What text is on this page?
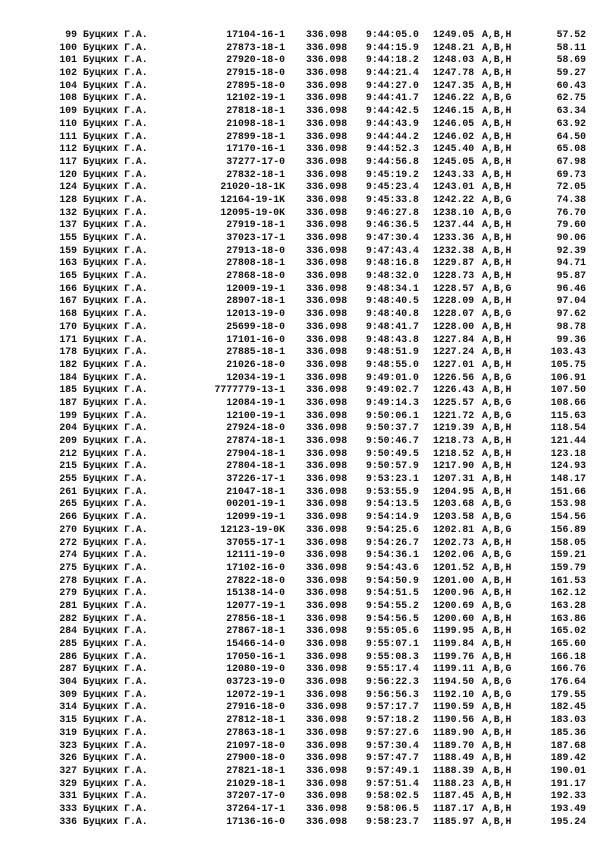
99 Буцких Г.А.	17104-16-1 336.098 9:44:05.0 1249.05 A,B,H	57.52
100 Буцких Г.А.	27873-18-1 336.098 9:44:15.9 1248.21 A,B,H	58.11
101 Буцких Г.А.	27920-18-0 336.098 9:44:18.2 1248.03 A,B,H	58.69
102 Буцких Г.А.	27915-18-0 336.098 9:44:21.4 1247.78 A,B,H	59.27
104 Буцких Г.А.	27895-18-0 336.098 9:44:27.0 1247.35 A,B,H	60.43
108 Буцких Г.А.	12102-19-1 336.098 9:44:41.7 1246.22 A,B,G	62.75
109 Буцких Г.А.	27818-18-1 336.098 9:44:42.5 1246.15 A,B,H	63.34
110 Буцких Г.А.	21098-18-1 336.098 9:44:43.9 1246.05 A,B,H	63.92
111 Буцких Г.А.	27899-18-1 336.098 9:44:44.2 1246.02 A,B,H	64.50
112 Буцких Г.А.	17170-16-1 336.098 9:44:52.3 1245.40 A,B,H	65.08
117 Буцких Г.А.	37277-17-0 336.098 9:44:56.8 1245.05 A,B,H	67.98
120 Буцких Г.А.	27832-18-1 336.098 9:45:19.2 1243.33 A,B,H	69.73
124 Буцких Г.А.	21020-18-1K 336.098 9:45:23.4 1243.01 A,B,H	72.05
128 Буцких Г.А.	12164-19-1K 336.098 9:45:33.8 1242.22 A,B,G	74.38
132 Буцких Г.А.	12095-19-0K 336.098 9:46:27.8 1238.10 A,B,G	76.70
137 Буцких Г.А.	27919-18-1 336.098 9:46:36.5 1237.44 A,B,H	79.60
155 Буцких Г.А.	37023-17-1 336.098 9:47:30.4 1233.36 A,B,H	90.06
159 Буцких Г.А.	27913-18-0 336.098 9:47:43.4 1232.38 A,B,H	92.39
163 Буцких Г.А.	27808-18-1 336.098 9:48:16.8 1229.87 A,B,H	94.71
165 Буцких Г.А.	27868-18-0 336.098 9:48:32.0 1228.73 A,B,H	95.87
166 Буцких Г.А.	12009-19-1 336.098 9:48:34.1 1228.57 A,B,G	96.46
167 Буцких Г.А.	28907-18-1 336.098 9:48:40.5 1228.09 A,B,H	97.04
168 Буцких Г.А.	12013-19-0 336.098 9:48:40.8 1228.07 A,B,G	97.62
170 Буцких Г.А.	25699-18-0 336.098 9:48:41.7 1228.00 A,B,H	98.78
171 Буцких Г.А.	17101-16-0 336.098 9:48:43.8 1227.84 A,B,H	99.36
178 Буцких Г.А.	27885-18-1 336.098 9:48:51.9 1227.24 A,B,H	103.43
182 Буцких Г.А.	21026-18-0 336.098 9:48:55.0 1227.01 A,B,H	105.75
184 Буцких Г.А.	12034-19-1 336.098 9:49:01.0 1226.56 A,B,G	106.91
185 Буцких Г.А.	7777779-13-1 336.098 9:49:02.7 1226.43 A,B,H	107.50
187 Буцких Г.А.	12084-19-1 336.098 9:49:14.3 1225.57 A,B,G	108.66
199 Буцких Г.А.	12100-19-1 336.098 9:50:06.1 1221.72 A,B,G	115.63
204 Буцких Г.А.	27924-18-0 336.098 9:50:37.7 1219.39 A,B,H	118.54
209 Буцких Г.А.	27874-18-1 336.098 9:50:46.7 1218.73 A,B,H	121.44
212 Буцких Г.А.	27904-18-1 336.098 9:50:49.5 1218.52 A,B,H	123.18
215 Буцких Г.А.	27804-18-1 336.098 9:50:57.9 1217.90 A,B,H	124.93
255 Буцких Г.А.	37226-17-1 336.098 9:53:23.1 1207.31 A,B,H	148.17
261 Буцких Г.А.	21047-18-1 336.098 9:53:55.9 1204.95 A,B,H	151.66
265 Буцких Г.А.	00201-19-1 336.098 9:54:13.5 1203.68 A,B,G	153.98
266 Буцких Г.А.	12099-19-1 336.098 9:54:14.9 1203.58 A,B,G	154.56
270 Буцких Г.А.	12123-19-0K 336.098 9:54:25.6 1202.81 A,B,G	156.89
272 Буцких Г.А.	37055-17-1 336.098 9:54:26.7 1202.73 A,B,H	158.05
274 Буцких Г.А.	12111-19-0 336.098 9:54:36.1 1202.06 A,B,G	159.21
275 Буцких Г.А.	17102-16-0 336.098 9:54:43.6 1201.52 A,B,H	159.79
278 Буцких Г.А.	27822-18-0 336.098 9:54:50.9 1201.00 A,B,H	161.53
279 Буцких Г.А.	15138-14-0 336.098 9:54:51.5 1200.96 A,B,H	162.12
281 Буцких Г.А.	12077-19-1 336.098 9:54:55.2 1200.69 A,B,G	163.28
282 Буцких Г.А.	27856-18-1 336.098 9:54:56.5 1200.60 A,B,H	163.86
284 Буцких Г.А.	27867-18-1 336.098 9:55:05.6 1199.95 A,B,H	165.02
285 Буцких Г.А.	15466-14-0 336.098 9:55:07.1 1199.84 A,B,H	165.60
286 Буцких Г.А.	17050-16-1 336.098 9:55:08.3 1199.76 A,B,H	166.18
287 Буцких Г.А.	12080-19-0 336.098 9:55:17.4 1199.11 A,B,G	166.76
304 Буцких Г.А.	03723-19-0 336.098 9:56:22.3 1194.50 A,B,G	176.64
309 Буцких Г.А.	12072-19-1 336.098 9:56:56.3 1192.10 A,B,G	179.55
314 Буцких Г.А.	27916-18-0 336.098 9:57:17.7 1190.59 A,B,H	182.45
315 Буцких Г.А.	27812-18-1 336.098 9:57:18.2 1190.56 A,B,H	183.03
319 Буцких Г.А.	27863-18-1 336.098 9:57:27.6 1189.90 A,B,H	185.36
323 Буцких Г.А.	21097-18-0 336.098 9:57:30.4 1189.70 A,B,H	187.68
326 Буцких Г.А.	27900-18-0 336.098 9:57:47.7 1188.49 A,B,H	189.42
327 Буцких Г.А.	27821-18-1 336.098 9:57:49.1 1188.39 A,B,H	190.01
329 Буцких Г.А.	21029-18-1 336.098 9:57:51.4 1188.23 A,B,H	191.17
331 Буцких Г.А.	37207-17-0 336.098 9:58:02.5 1187.45 A,B,H	192.33
333 Буцких Г.А.	37264-17-1 336.098 9:58:06.5 1187.17 A,B,H	193.49
336 Буцких Г.А.	17136-16-0 336.098 9:58:23.7 1185.97 A,B,H	195.24
